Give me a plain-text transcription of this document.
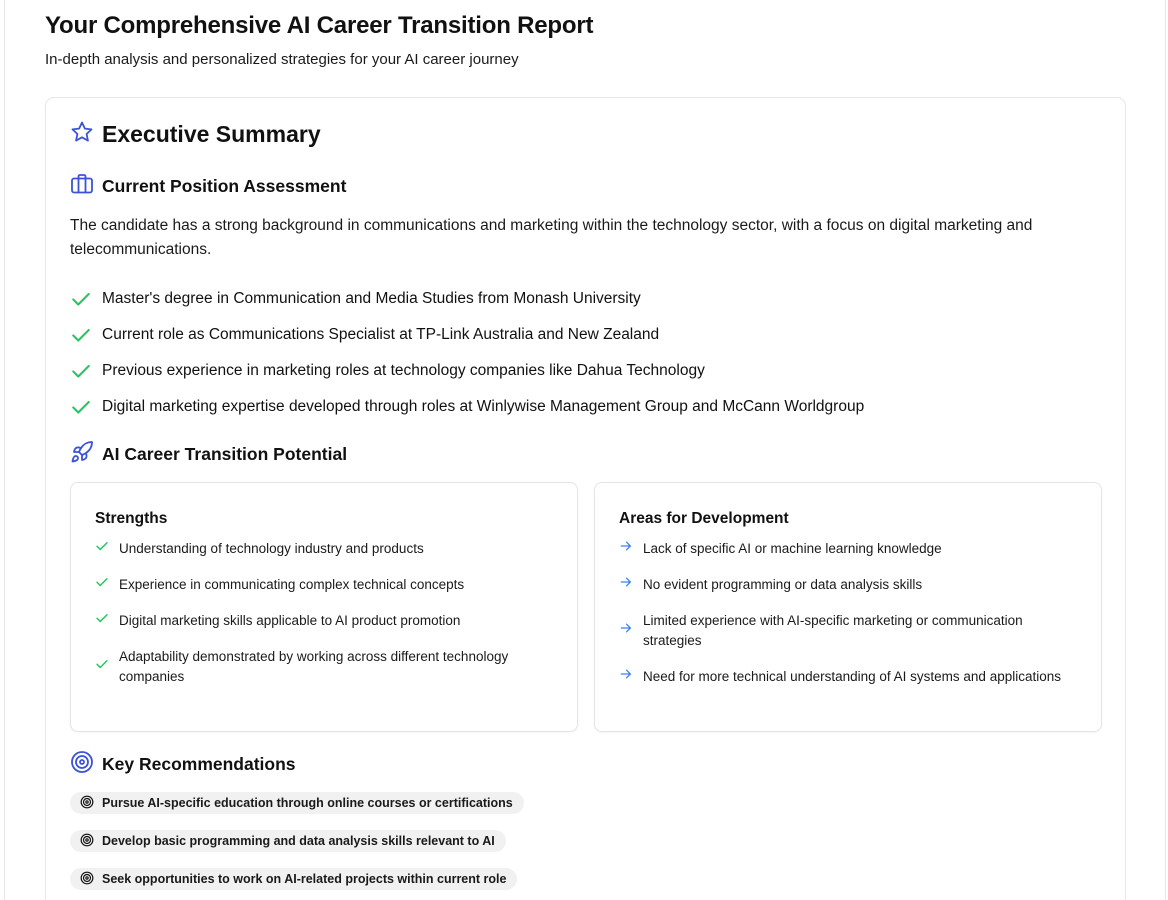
Your Comprehensive AI Career Transition Report

In-depth analysis and personalized strategies for your AI career journey

Executive Summary
Current Position Assessment

The candidate has a strong background in communications and marketing within the technology sector, with a focus on digital marketing and telecommunications.

Master's degree in Communication and Media Studies from Monash University
Current role as Communications Specialist at TP-Link Australia and New Zealand
Previous experience in marketing roles at technology companies like Dahua Technology
Digital marketing expertise developed through roles at Winlywise Management Group and McCann Worldgroup
AI Career Transition Potential
Strengths
Understanding of technology industry and products
Experience in communicating complex technical concepts
Digital marketing skills applicable to AI product promotion
Adaptability demonstrated by working across different technology companies
Areas for Development
Lack of specific AI or machine learning knowledge
No evident programming or data analysis skills
Limited experience with AI-specific marketing or communication strategies
Need for more technical understanding of AI systems and applications
Key Recommendations
Pursue AI-specific education through online courses or certifications
Develop basic programming and data analysis skills relevant to AI
Seek opportunities to work on AI-related projects within current role
